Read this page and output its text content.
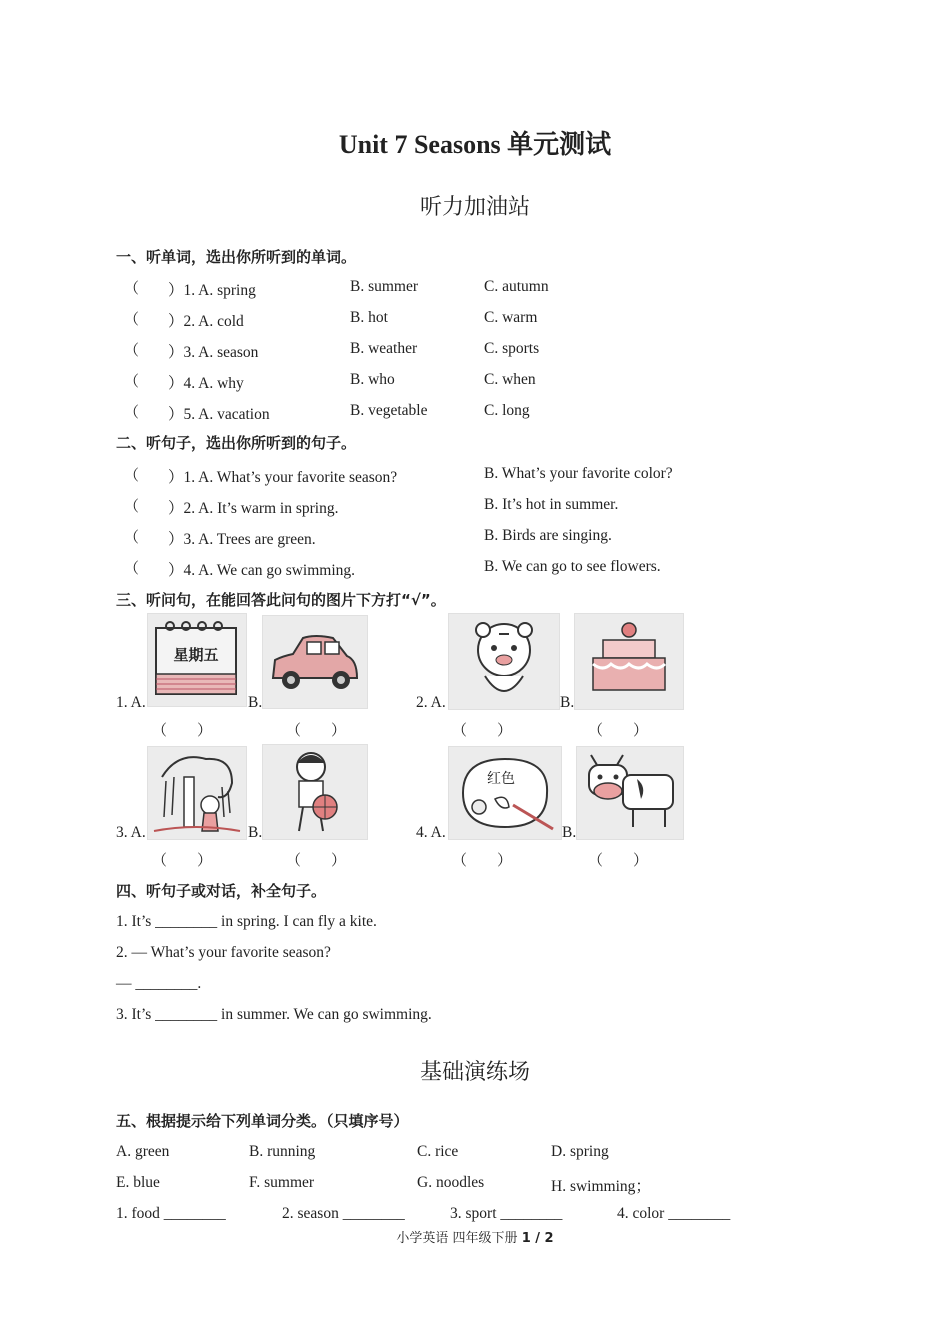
Unit 7 Seasons 单元测试
听力加油站
一、听单词，选出你所听到的单词。
（ ）1. A. spring	B. summer	C. autumn
（ ）2. A. cold	B. hot	C. warm
（ ）3. A. season	B. weather	C. sports
（ ）4. A. why	B. who	C. when
（ ）5. A. vacation	B. vegetable	C. long
二、听句子，选出你所听到的句子。
（ ）1. A. What’s your favorite season?	B. What’s your favorite color?
（ ）2. A. It’s warm in spring.	B. It’s hot in summer.
（ ）3. A. Trees are green.	B. Birds are singing.
（ ）4. A. We can go swimming.	B. We can go to see flowers.
三、听问句，在能回答此问句的图片下方打“√”。
星期五
1. A.	B.	2. A.	B.
（　　）	（　　）	（　　）	（　　）
红色
3. A.	B.	4. A.	B.
（　　）	（　　）	（　　）	（　　）
四、听句子或对话，补全句子。
1. It’s ________ in spring. I can fly a kite.
2. — What’s your favorite season?
— ________.
3. It’s ________ in summer. We can go swimming.
基础演练场
五、根据提示给下列单词分类。（只填序号）
A. green	B. running	C. rice	D. spring
E. blue	F. summer	G. noodles	H. swimming；
1. food ________	2. season ________	3. sport ________	4. color ________
小学英语 四年级下册 1 / 2
